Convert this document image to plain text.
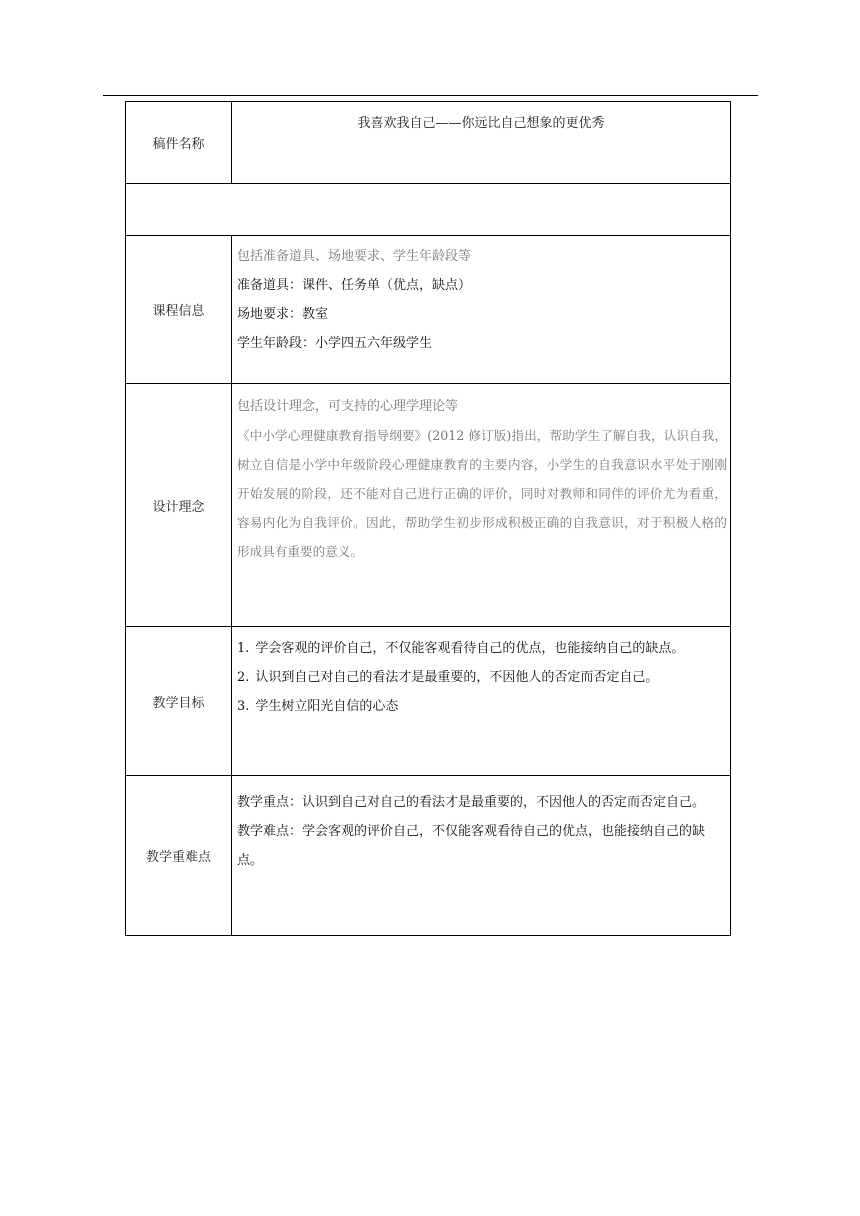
稿件名称	我喜欢我自己——你远比自己想象的更优秀

课程信息	包括准备道具、场地要求、学生年龄段等
准备道具：课件、任务单（优点，缺点）
场地要求：教室
学生年龄段：小学四五六年级学生

设计理念	包括设计理念，可支持的心理学理论等
《中小学心理健康教育指导纲要》(2012 修订版)指出，帮助学生了解自我，认识自我，树立自信是小学中年级阶段心理健康教育的主要内容，小学生的自我意识水平处于刚刚开始发展的阶段，还不能对自己进行正确的评价，同时对教师和同伴的评价尤为看重，容易内化为自我评价。因此，帮助学生初步形成积极正确的自我意识，对于积极人格的形成具有重要的意义。

教学目标	1. 学会客观的评价自己，不仅能客观看待自己的优点，也能接纳自己的缺点。
2. 认识到自己对自己的看法才是最重要的，不因他人的否定而否定自己。
3. 学生树立阳光自信的心态

教学重难点	教学重点：认识到自己对自己的看法才是最重要的，不因他人的否定而否定自己。
教学难点：学会客观的评价自己，不仅能客观看待自己的优点，也能接纳自己的缺点。
